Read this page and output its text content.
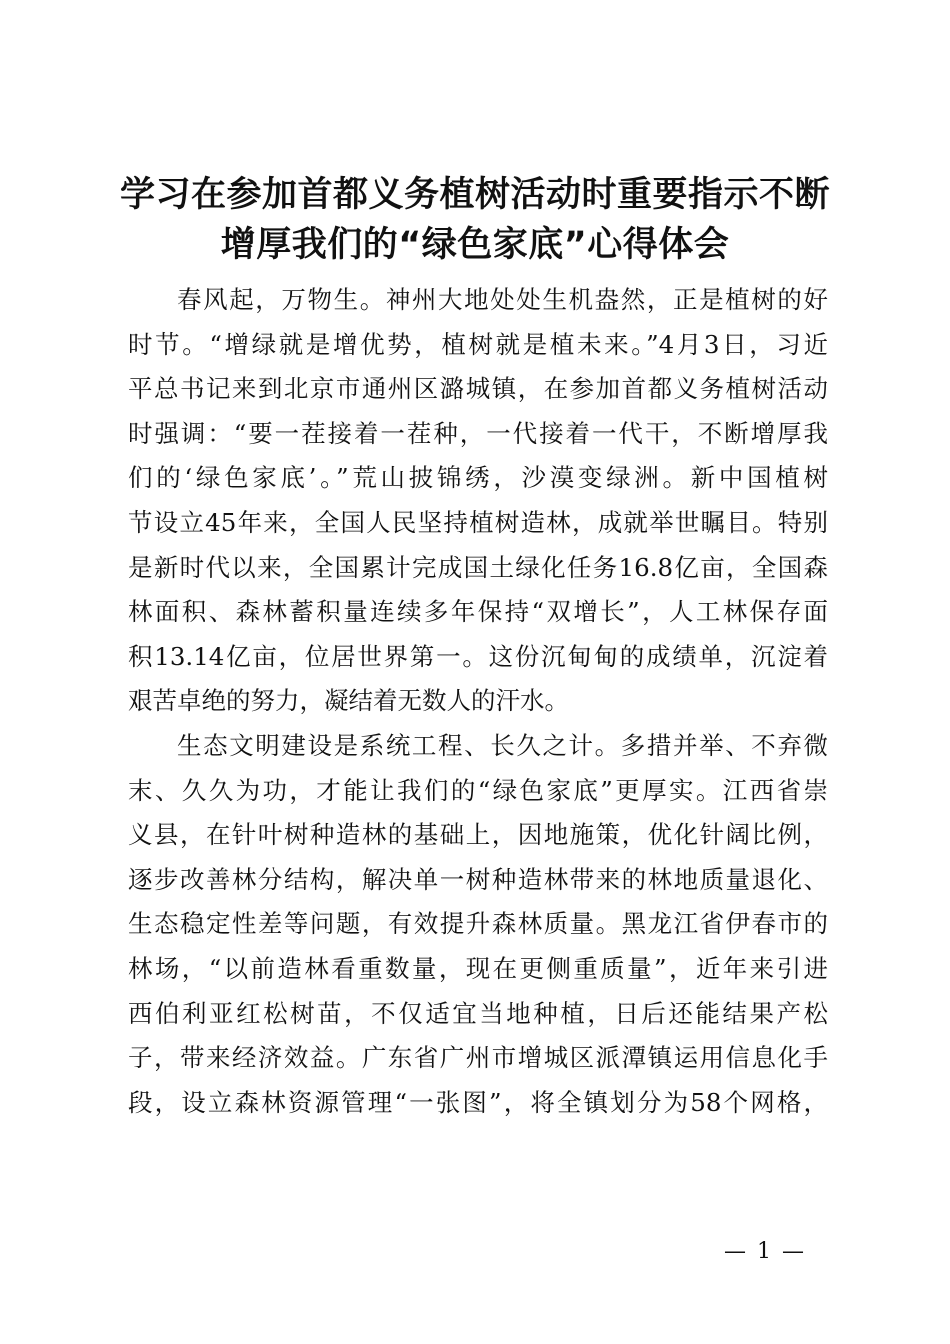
学习在参加首都义务植树活动时重要指示不断
增厚我们的“绿色家底”心得体会
春风起，万物生。神州大地处处生机盎然，正是植树的好
时节。“增绿就是增优势，植树就是植未来。”4月3日，习近
平总书记来到北京市通州区潞城镇，在参加首都义务植树活动
时强调：“要一茬接着一茬种，一代接着一代干，不断增厚我
们的‘绿色家底’。”荒山披锦绣，沙漠变绿洲。新中国植树
节设立45年来，全国人民坚持植树造林，成就举世瞩目。特别
是新时代以来，全国累计完成国土绿化任务16.8亿亩，全国森
林面积、森林蓄积量连续多年保持“双增长”，人工林保存面
积13.14亿亩，位居世界第一。这份沉甸甸的成绩单，沉淀着
艰苦卓绝的努力，凝结着无数人的汗水。
生态文明建设是系统工程、长久之计。多措并举、不弃微
末、久久为功，才能让我们的“绿色家底”更厚实。江西省崇
义县，在针叶树种造林的基础上，因地施策，优化针阔比例，
逐步改善林分结构，解决单一树种造林带来的林地质量退化、
生态稳定性差等问题，有效提升森林质量。黑龙江省伊春市的
林场，“以前造林看重数量，现在更侧重质量”，近年来引进
西伯利亚红松树苗，不仅适宜当地种植，日后还能结果产松
子，带来经济效益。广东省广州市增城区派潭镇运用信息化手
段，设立森林资源管理“一张图”，将全镇划分为58个网格，
— 1 —
